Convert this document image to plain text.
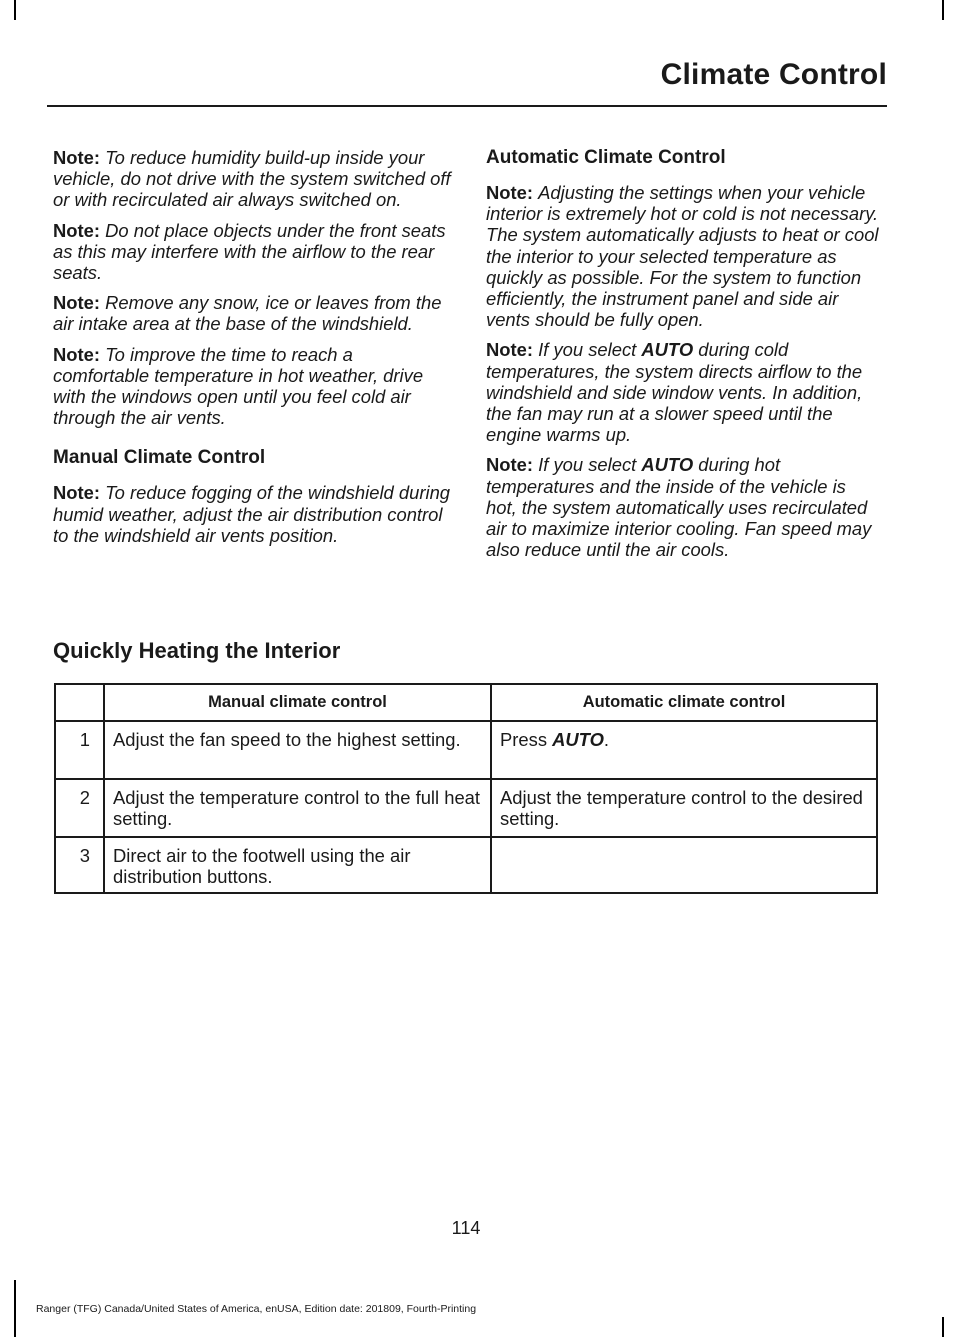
Climate Control

Note: To reduce humidity build-up inside your vehicle, do not drive with the system switched off or with recirculated air always switched on.

Note: Do not place objects under the front seats as this may interfere with the airflow to the rear seats.

Note: Remove any snow, ice or leaves from the air intake area at the base of the windshield.

Note: To improve the time to reach a comfortable temperature in hot weather, drive with the windows open until you feel cold air through the air vents.

Manual Climate Control

Note: To reduce fogging of the windshield during humid weather, adjust the air distribution control to the windshield air vents position.

Automatic Climate Control

Note: Adjusting the settings when your vehicle interior is extremely hot or cold is not necessary. The system automatically adjusts to heat or cool the interior to your selected temperature as quickly as possible. For the system to function efficiently, the instrument panel and side air vents should be fully open.

Note: If you select AUTO during cold temperatures, the system directs airflow to the windshield and side window vents. In addition, the fan may run at a slower speed until the engine warms up.

Note: If you select AUTO during hot temperatures and the inside of the vehicle is hot, the system automatically uses recirculated air to maximize interior cooling. Fan speed may also reduce until the air cools.

Quickly Heating the Interior
	Manual climate control	Automatic climate control
1	Adjust the fan speed to the highest setting.	Press AUTO.
2	Adjust the temperature control to the full heat setting.	Adjust the temperature control to the desired setting.
3	Direct air to the footwell using the air distribution buttons.	
114
Ranger (TFG) Canada/United States of America, enUSA, Edition date: 201809, Fourth-Printing
